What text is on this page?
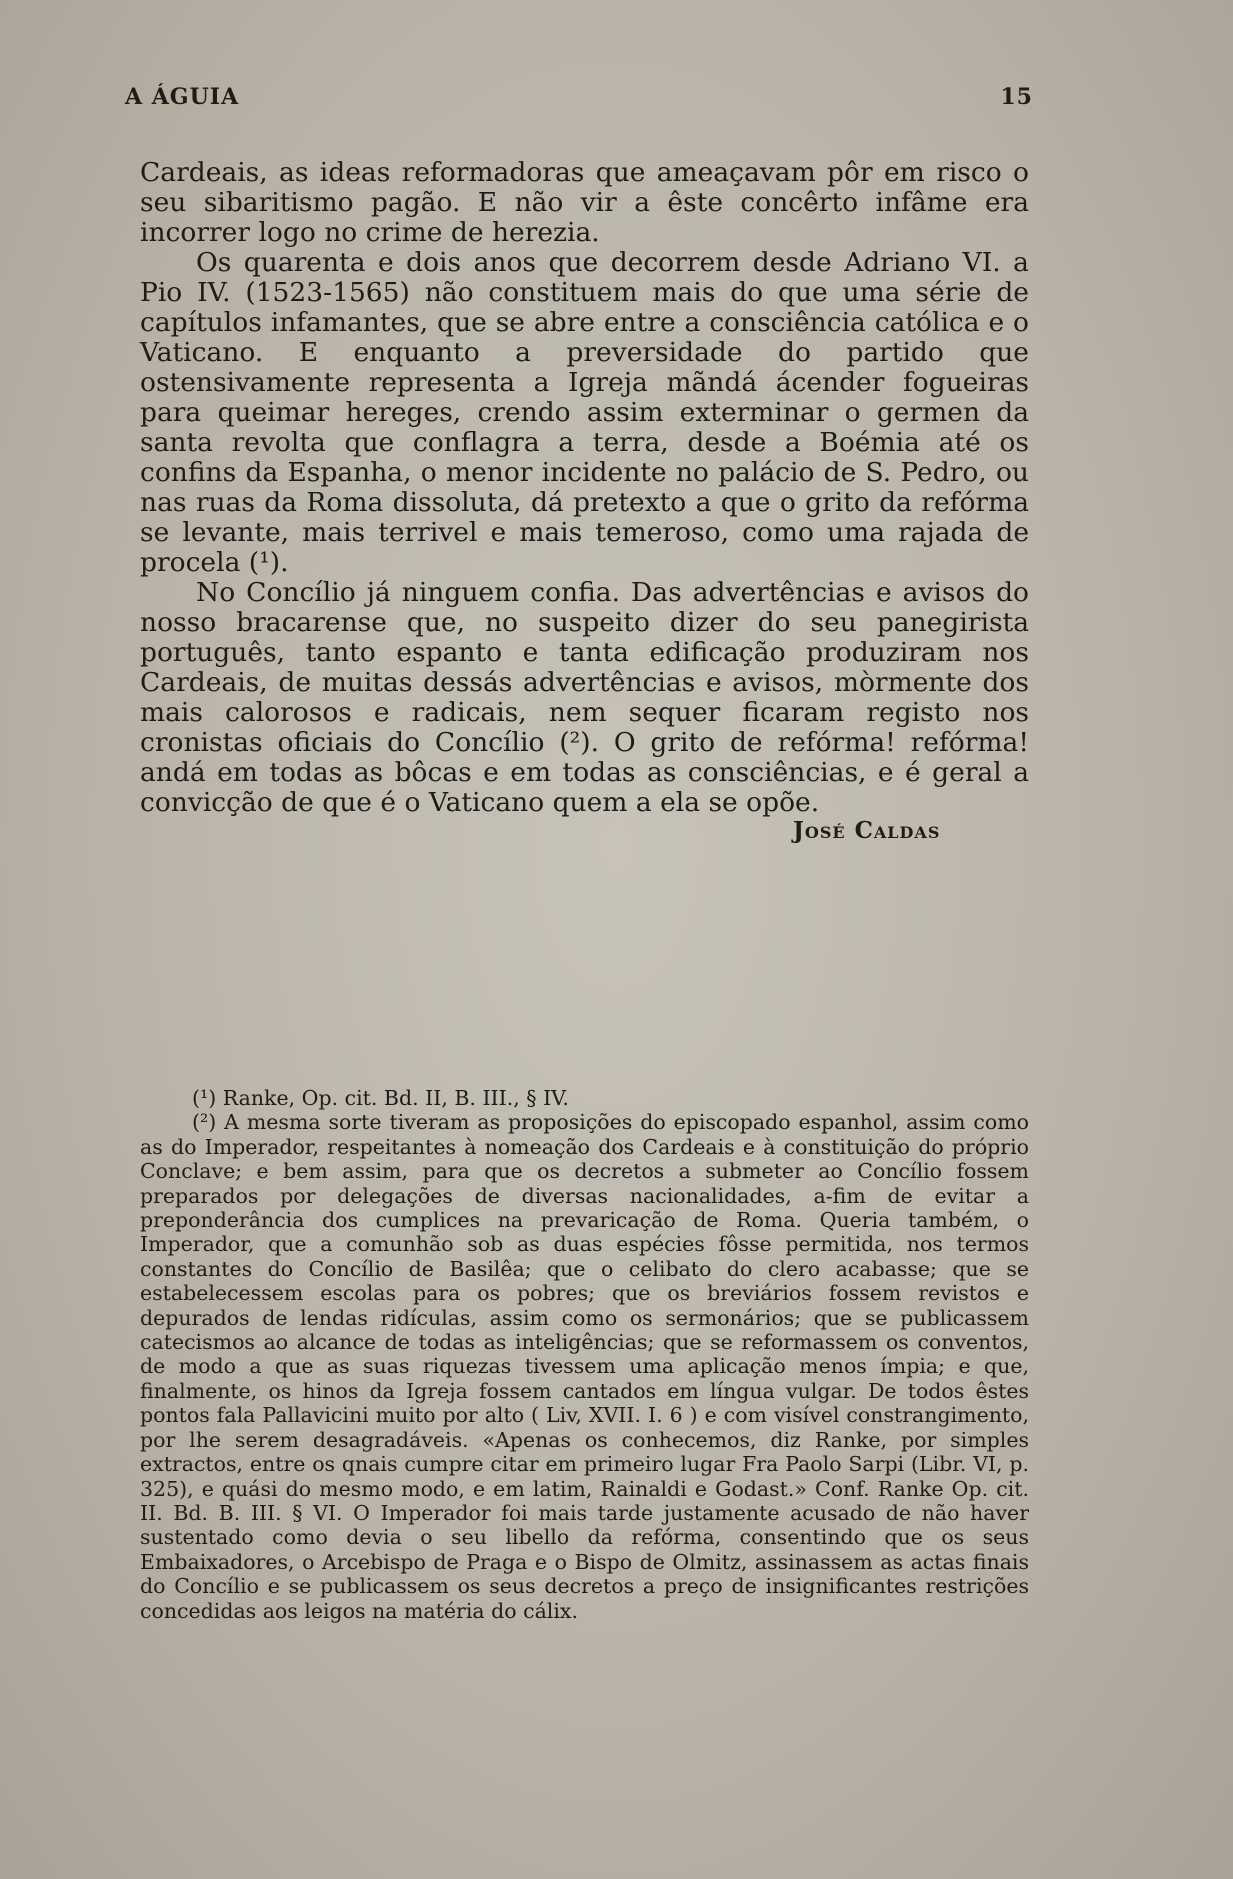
A ÁGUIA	15

Cardeais, as ideas reformadoras que ameaçavam pôr em risco o seu sibaritismo pagão. E não vir a êste concêrto infâme era incorrer logo no crime de herezia.

Os quarenta e dois anos que decorrem desde Adriano VI. a Pio IV. (1523-1565) não constituem mais do que uma série de capítulos infamantes, que se abre entre a consciência católica e o Vaticano. E enquanto a preversidade do partido que ostensivamente representa a Igreja mãndá ácender fogueiras para queimar hereges, crendo assim exterminar o germen da santa revolta que conflagra a terra, desde a Boémia até os confins da Espanha, o menor incidente no palácio de S. Pedro, ou nas ruas da Roma dissoluta, dá pretexto a que o grito da refórma se levante, mais terrivel e mais temeroso, como uma rajada de procela (¹).

No Concílio já ninguem confia. Das advertências e avisos do nosso bracarense que, no suspeito dizer do seu panegirista português, tanto espanto e tanta edificação produziram nos Cardeais, de muitas dessás advertências e avisos, mòrmente dos mais calorosos e radicais, nem sequer ficaram registo nos cronistas oficiais do Concílio (²). O grito de refórma! refórma! andá em todas as bôcas e em todas as consciências, e é geral a convicção de que é o Vaticano quem a ela se opõe.

José Caldas

(¹) Ranke, Op. cit. Bd. II, B. III., § IV.

(²) A mesma sorte tiveram as proposições do episcopado espanhol, assim como as do Imperador, respeitantes à nomeação dos Cardeais e à constituição do próprio Conclave; e bem assim, para que os decretos a submeter ao Concílio fossem preparados por delegações de diversas nacionalidades, a-fim de evitar a preponderância dos cumplices na prevaricação de Roma. Queria também, o Imperador, que a comunhão sob as duas espécies fôsse permitida, nos termos constantes do Concílio de Basilêa; que o celibato do clero acabasse; que se estabelecessem escolas para os pobres; que os breviários fossem revistos e depurados de lendas ridículas, assim como os sermonários; que se publicassem catecismos ao alcance de todas as inteligências; que se reformassem os conventos, de modo a que as suas riquezas tivessem uma aplicação menos ímpia; e que, finalmente, os hinos da Igreja fossem cantados em língua vulgar. De todos êstes pontos fala Pallavicini muito por alto ( Liv, XVII. I. 6 ) e com visível constrangimento, por lhe serem desagradáveis. «Apenas os conhecemos, diz Ranke, por simples extractos, entre os qnais cumpre citar em primeiro lugar Fra Paolo Sarpi (Libr. VI, p. 325), e quási do mesmo modo, e em latim, Rainaldi e Godast.» Conf. Ranke Op. cit. II. Bd. B. III. § VI. O Imperador foi mais tarde justamente acusado de não haver sustentado como devia o seu libello da refórma, consentindo que os seus Embaixadores, o Arcebispo de Praga e o Bispo de Olmitz, assinassem as actas finais do Concílio e se publicassem os seus decretos a preço de insignificantes restrições concedidas aos leigos na matéria do cálix.
